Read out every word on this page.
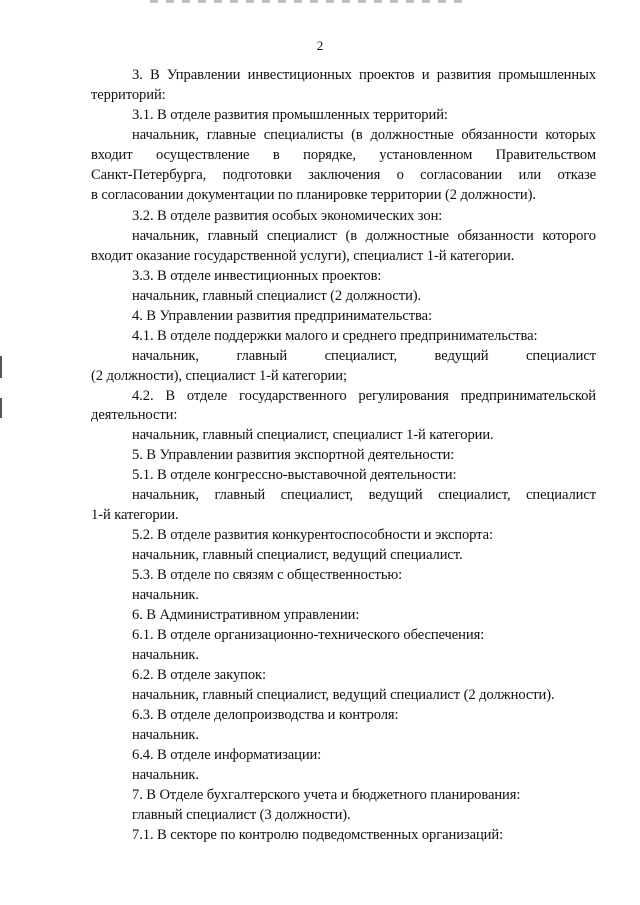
2
3. В Управлении инвестиционных проектов и развития промышленных
территорий:
3.1. В отделе развития промышленных территорий:
начальник, главные специалисты (в должностные обязанности которых
входит осуществление в порядке, установленном Правительством
Санкт-Петербурга, подготовки заключения о согласовании или отказе
в согласовании документации по планировке территории (2 должности).
3.2. В отделе развития особых экономических зон:
начальник, главный специалист (в должностные обязанности которого
входит оказание государственной услуги), специалист 1-й категории.
3.3. В отделе инвестиционных проектов:
начальник, главный специалист (2 должности).
4. В Управлении развития предпринимательства:
4.1. В отделе поддержки малого и среднего предпринимательства:
начальник, главный специалист, ведущий специалист
(2 должности), специалист 1-й категории;
4.2. В отделе государственного регулирования предпринимательской
деятельности:
начальник, главный специалист, специалист 1-й категории.
5. В Управлении развития экспортной деятельности:
5.1. В отделе конгрессно-выставочной деятельности:
начальник, главный специалист, ведущий специалист, специалист
1-й категории.
5.2. В отделе развития конкурентоспособности и экспорта:
начальник, главный специалист, ведущий специалист.
5.3. В отделе по связям с общественностью:
начальник.
6. В Административном управлении:
6.1. В отделе организационно-технического обеспечения:
начальник.
6.2. В отделе закупок:
начальник, главный специалист, ведущий специалист (2 должности).
6.3. В отделе делопроизводства и контроля:
начальник.
6.4. В отделе информатизации:
начальник.
7. В Отделе бухгалтерского учета и бюджетного планирования:
главный специалист (3 должности).
7.1. В секторе по контролю подведомственных организаций:
